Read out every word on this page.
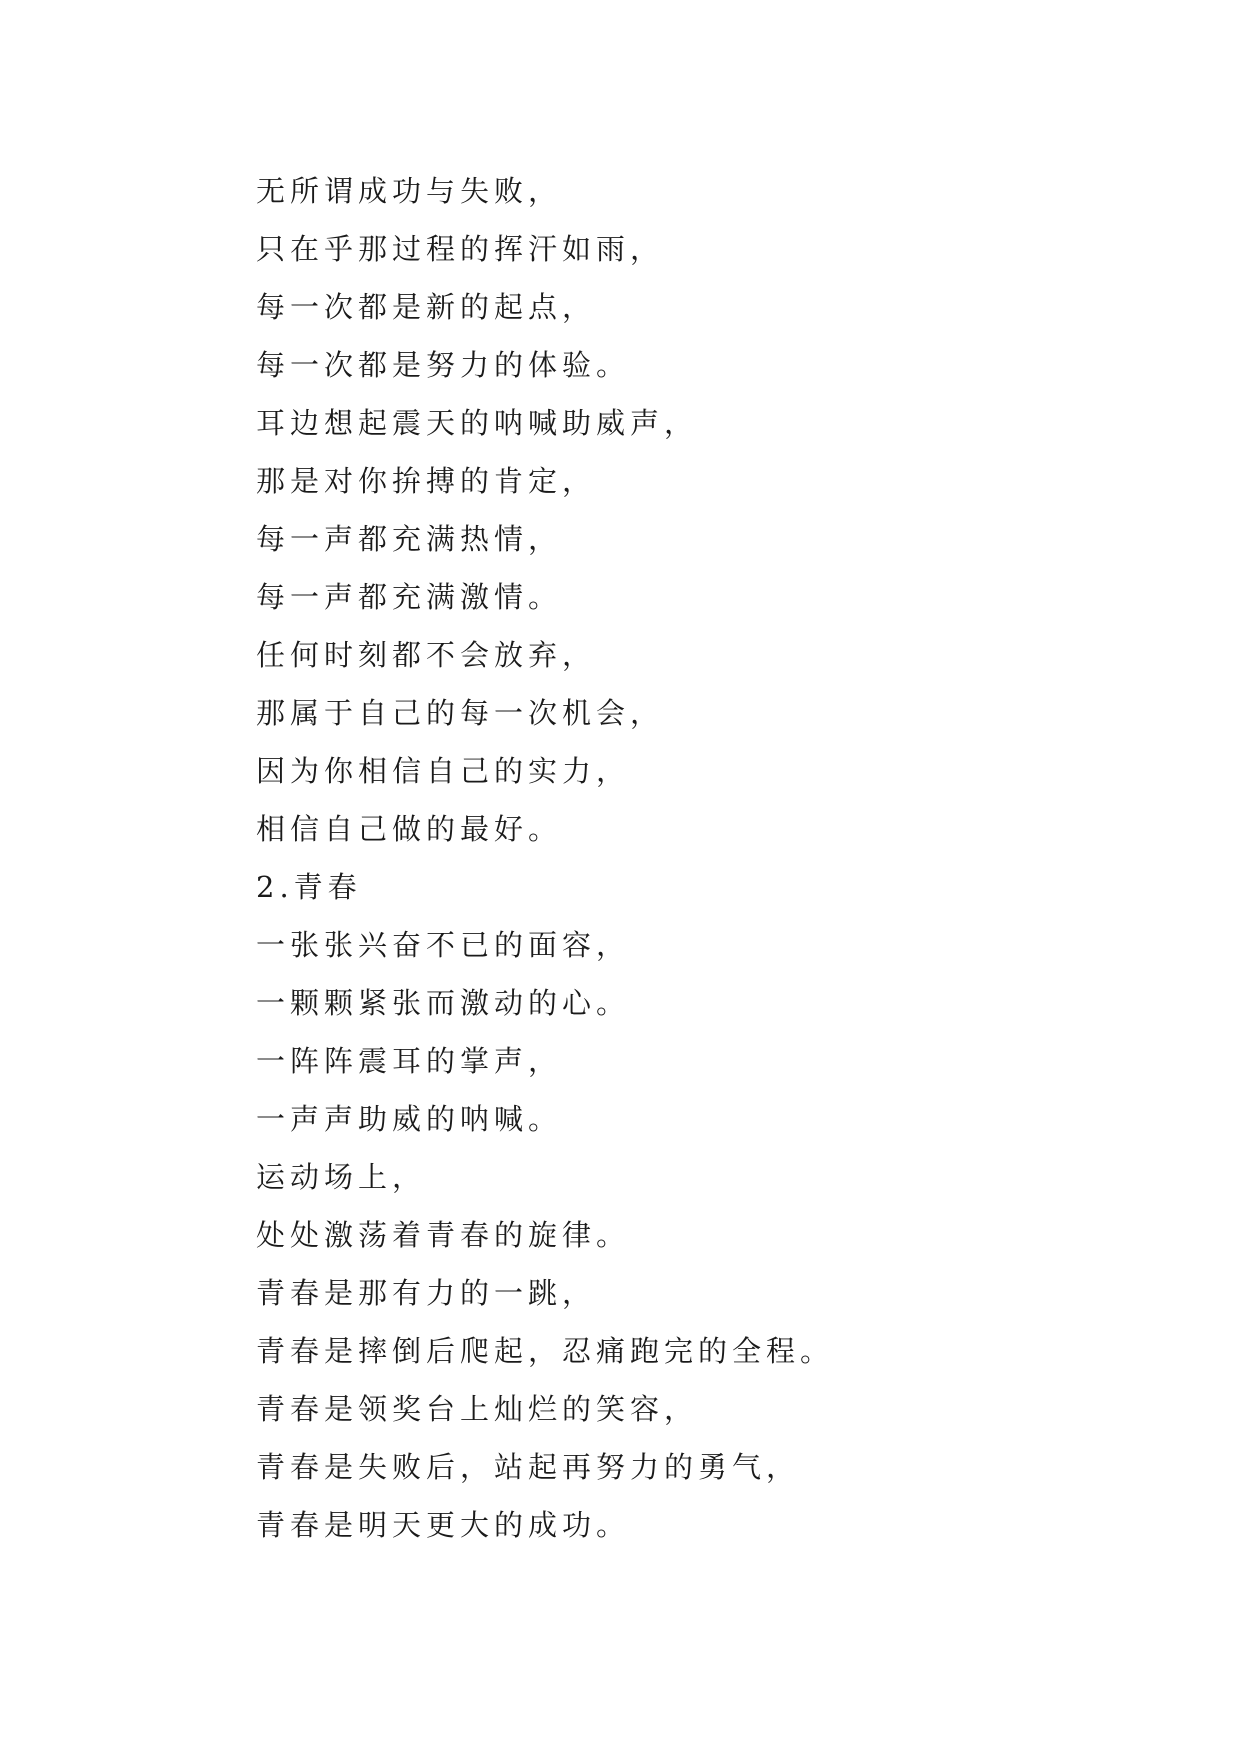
无所谓成功与失败，
只在乎那过程的挥汗如雨，
每一次都是新的起点，
每一次都是努力的体验。
耳边想起震天的呐喊助威声，
那是对你拚搏的肯定，
每一声都充满热情，
每一声都充满激情。
任何时刻都不会放弃，
那属于自己的每一次机会，
因为你相信自己的实力，
相信自己做的最好。
2.青春
一张张兴奋不已的面容，
一颗颗紧张而激动的心。
一阵阵震耳的掌声，
一声声助威的呐喊。
运动场上，
处处激荡着青春的旋律。
青春是那有力的一跳，
青春是摔倒后爬起，忍痛跑完的全程。
青春是领奖台上灿烂的笑容，
青春是失败后，站起再努力的勇气，
青春是明天更大的成功。
